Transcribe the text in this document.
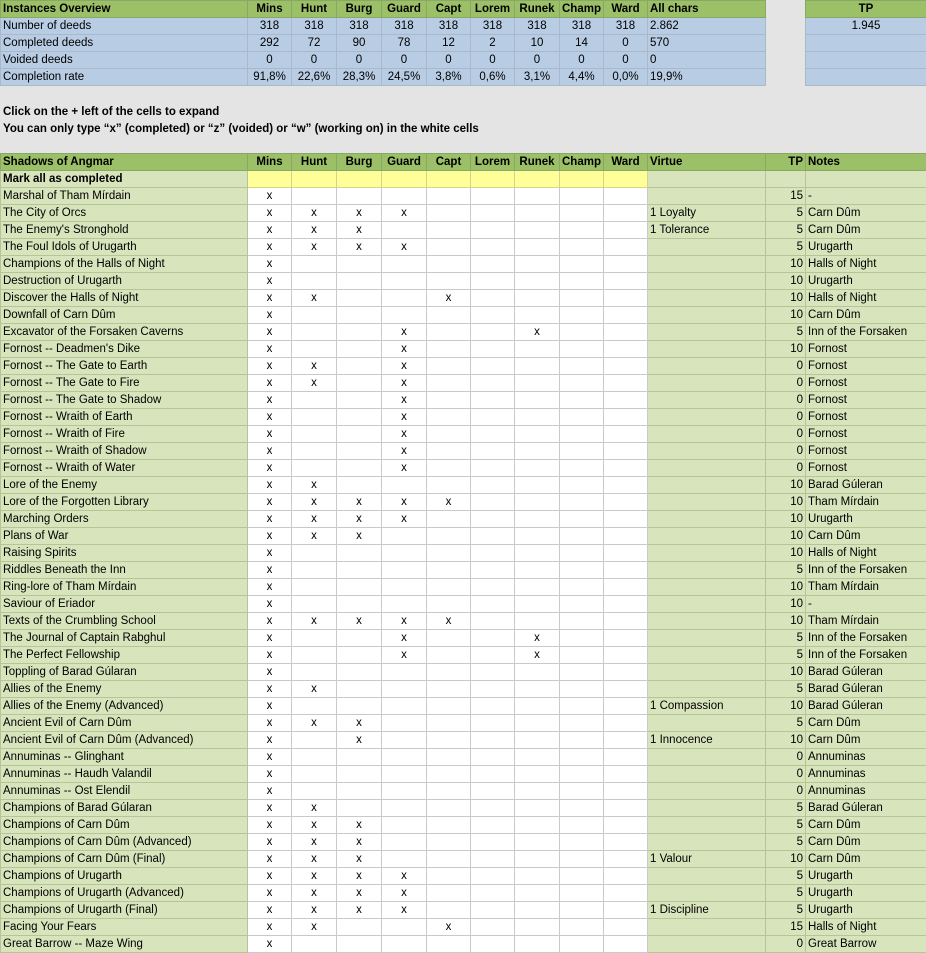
Instances Overview	Mins	Hunt	Burg	Guard	Capt	Lorem	Runek	Champ	Ward	All chars		TP	
Number of deeds	318	318	318	318	318	318	318	318	318	2.862		1.945	
Completed deeds	292	72	90	78	12	2	10	14	0	570			
Voided deeds	0	0	0	0	0	0	0	0	0	0			
Completion rate	91,8%	22,6%	28,3%	24,5%	3,8%	0,6%	3,1%	4,4%	0,0%	19,9%			
Click on the + left of the cells to expand
You can only type “x” (completed) or “z” (voided) or “w” (working on) in the white cells
Shadows of Angmar	Mins	Hunt	Burg	Guard	Capt	Lorem	Runek	Champ	Ward	Virtue	TP	Notes
Mark all as completed												
Marshal of Tham Mírdain	x										15	-
The City of Orcs	x	x	x	x						1 Loyalty	5	Carn Dûm
The Enemy's Stronghold	x	x	x							1 Tolerance	5	Carn Dûm
The Foul Idols of Urugarth	x	x	x	x							5	Urugarth
Champions of the Halls of Night	x										10	Halls of Night
Destruction of Urugarth	x										10	Urugarth
Discover the Halls of Night	x	x			x						10	Halls of Night
Downfall of Carn Dûm	x										10	Carn Dûm
Excavator of the Forsaken Caverns	x			x			x				5	Inn of the Forsaken
Fornost -- Deadmen's Dike	x			x							10	Fornost
Fornost -- The Gate to Earth	x	x		x							0	Fornost
Fornost -- The Gate to Fire	x	x		x							0	Fornost
Fornost -- The Gate to Shadow	x			x							0	Fornost
Fornost -- Wraith of Earth	x			x							0	Fornost
Fornost -- Wraith of Fire	x			x							0	Fornost
Fornost -- Wraith of Shadow	x			x							0	Fornost
Fornost -- Wraith of Water	x			x							0	Fornost
Lore of the Enemy	x	x									10	Barad Gúleran
Lore of the Forgotten Library	x	x	x	x	x						10	Tham Mírdain
Marching Orders	x	x	x	x							10	Urugarth
Plans of War	x	x	x								10	Carn Dûm
Raising Spirits	x										10	Halls of Night
Riddles Beneath the Inn	x										5	Inn of the Forsaken
Ring-lore of Tham Mírdain	x										10	Tham Mírdain
Saviour of Eriador	x										10	-
Texts of the Crumbling School	x	x	x	x	x						10	Tham Mírdain
The Journal of Captain Rabghul	x			x			x				5	Inn of the Forsaken
The Perfect Fellowship	x			x			x				5	Inn of the Forsaken
Toppling of Barad Gúlaran	x										10	Barad Gúleran
Allies of the Enemy	x	x									5	Barad Gúleran
Allies of the Enemy (Advanced)	x									1 Compassion	10	Barad Gúleran
Ancient Evil of Carn Dûm	x	x	x								5	Carn Dûm
Ancient Evil of Carn Dûm (Advanced)	x		x							1 Innocence	10	Carn Dûm
Annuminas -- Glinghant	x										0	Annuminas
Annuminas -- Haudh Valandil	x										0	Annuminas
Annuminas -- Ost Elendil	x										0	Annuminas
Champions of Barad Gúlaran	x	x									5	Barad Gúleran
Champions of Carn Dûm	x	x	x								5	Carn Dûm
Champions of Carn Dûm (Advanced)	x	x	x								5	Carn Dûm
Champions of Carn Dûm (Final)	x	x	x							1 Valour	10	Carn Dûm
Champions of Urugarth	x	x	x	x							5	Urugarth
Champions of Urugarth (Advanced)	x	x	x	x							5	Urugarth
Champions of Urugarth (Final)	x	x	x	x						1 Discipline	5	Urugarth
Facing Your Fears	x	x			x						15	Halls of Night
Great Barrow -- Maze Wing	x										0	Great Barrow
